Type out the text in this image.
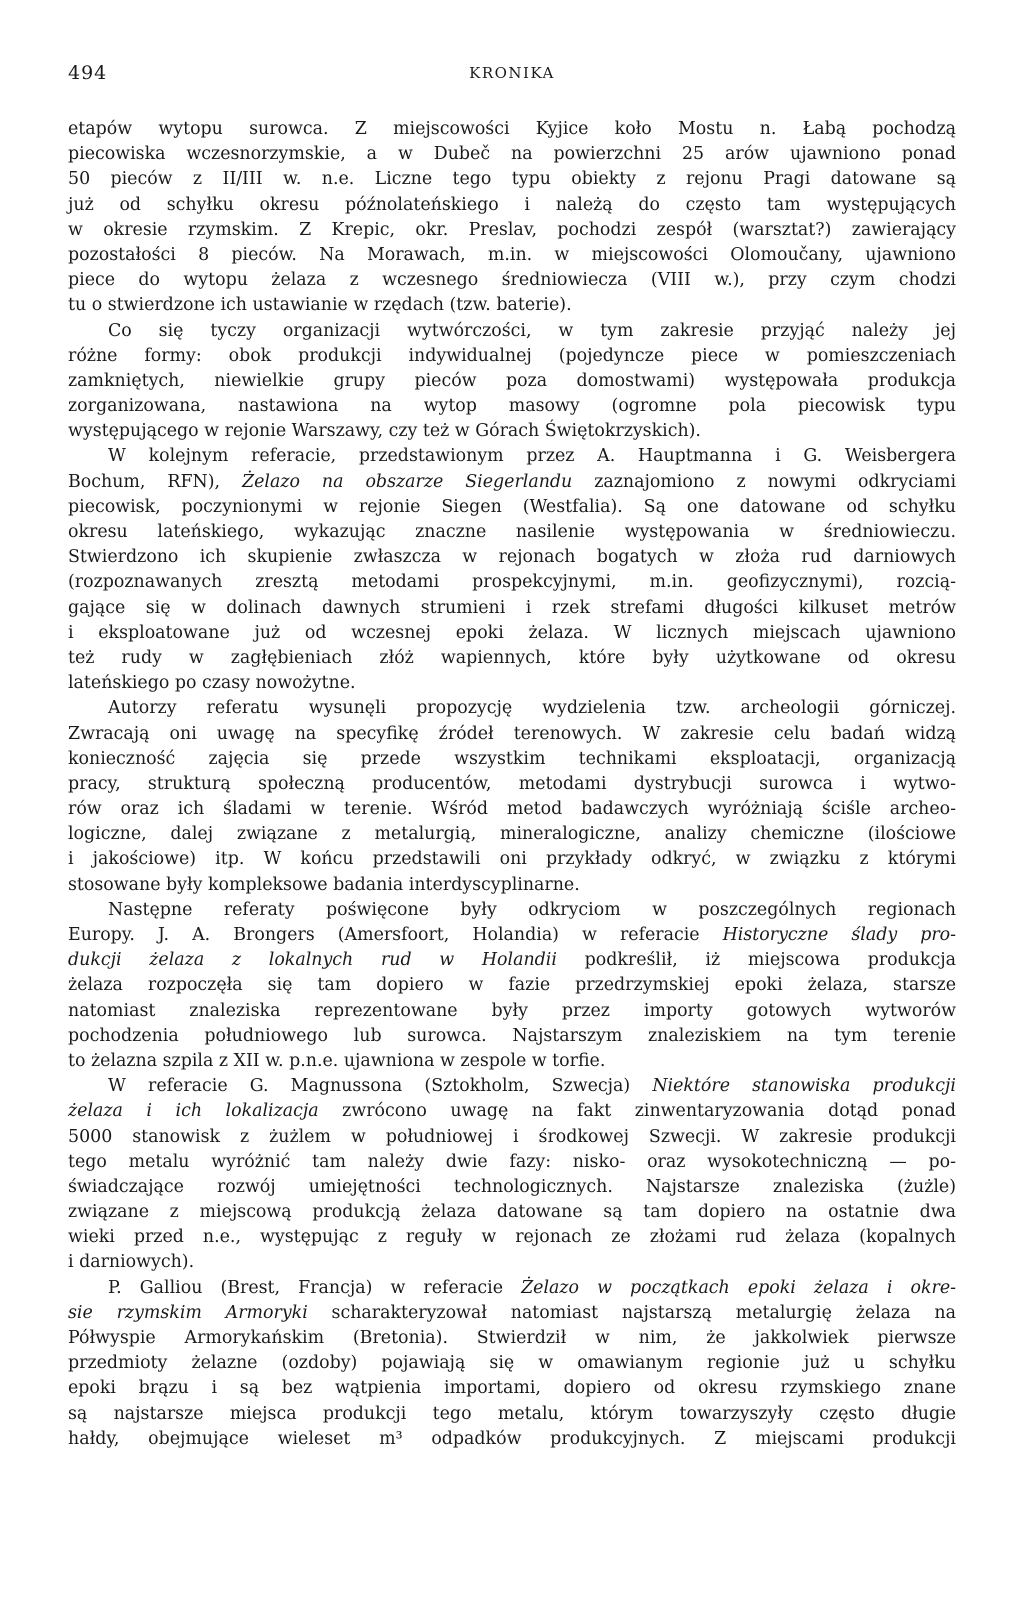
494	KRONIKA
etapów wytopu surowca. Z miejscowości Kyjice koło Mostu n. Łabą pochodzą
piecowiska wczesnorzymskie, a w Dubeč na powierzchni 25 arów ujawniono ponad
50 pieców z II/III w. n.e. Liczne tego typu obiekty z rejonu Pragi datowane są
już od schyłku okresu późnolateńskiego i należą do często tam występujących
w okresie rzymskim. Z Krepic, okr. Preslav, pochodzi zespół (warsztat?) zawierający
pozostałości 8 pieców. Na Morawach, m.in. w miejscowości Olomoučany, ujawniono
piece do wytopu żelaza z wczesnego średniowiecza (VIII w.), przy czym chodzi
tu o stwierdzone ich ustawianie w rzędach (tzw. baterie).
Co się tyczy organizacji wytwórczości, w tym zakresie przyjąć należy jej
różne formy: obok produkcji indywidualnej (pojedyncze piece w pomieszczeniach
zamkniętych, niewielkie grupy pieców poza domostwami) występowała produkcja
zorganizowana, nastawiona na wytop masowy (ogromne pola piecowisk typu
występującego w rejonie Warszawy, czy też w Górach Świętokrzyskich).
W kolejnym referacie, przedstawionym przez A. Hauptmanna i G. Weisbergera
Bochum, RFN), Żelazo na obszarze Siegerlandu zaznajomiono z nowymi odkryciami
piecowisk, poczynionymi w rejonie Siegen (Westfalia). Są one datowane od schyłku
okresu lateńskiego, wykazując znaczne nasilenie występowania w średniowieczu.
Stwierdzono ich skupienie zwłaszcza w rejonach bogatych w złoża rud darniowych
(rozpoznawanych zresztą metodami prospekcyjnymi, m.in. geofizycznymi), rozcią-
gające się w dolinach dawnych strumieni i rzek strefami długości kilkuset metrów
i eksploatowane już od wczesnej epoki żelaza. W licznych miejscach ujawniono
też rudy w zagłębieniach złóż wapiennych, które były użytkowane od okresu
lateńskiego po czasy nowożytne.
Autorzy referatu wysunęli propozycję wydzielenia tzw. archeologii górniczej.
Zwracają oni uwagę na specyfikę źródeł terenowych. W zakresie celu badań widzą
konieczność zajęcia się przede wszystkim technikami eksploatacji, organizacją
pracy, strukturą społeczną producentów, metodami dystrybucji surowca i wytwo-
rów oraz ich śladami w terenie. Wśród metod badawczych wyróżniają ściśle archeo-
logiczne, dalej związane z metalurgią, mineralogiczne, analizy chemiczne (ilościowe
i jakościowe) itp. W końcu przedstawili oni przykłady odkryć, w związku z którymi
stosowane były kompleksowe badania interdyscyplinarne.
Następne referaty poświęcone były odkryciom w poszczególnych regionach
Europy. J. A. Brongers (Amersfoort, Holandia) w referacie Historyczne ślady pro-
dukcji żelaza z lokalnych rud w Holandii podkreślił, iż miejscowa produkcja
żelaza rozpoczęła się tam dopiero w fazie przedrzymskiej epoki żelaza, starsze
natomiast znaleziska reprezentowane były przez importy gotowych wytworów
pochodzenia południowego lub surowca. Najstarszym znaleziskiem na tym terenie
to żelazna szpila z XII w. p.n.e. ujawniona w zespole w torfie.
W referacie G. Magnussona (Sztokholm, Szwecja) Niektóre stanowiska produkcji
żelaza i ich lokalizacja zwrócono uwagę na fakt zinwentaryzowania dotąd ponad
5000 stanowisk z żużlem w południowej i środkowej Szwecji. W zakresie produkcji
tego metalu wyróżnić tam należy dwie fazy: nisko- oraz wysokotechniczną — po-
świadczające rozwój umiejętności technologicznych. Najstarsze znaleziska (żużle)
związane z miejscową produkcją żelaza datowane są tam dopiero na ostatnie dwa
wieki przed n.e., występując z reguły w rejonach ze złożami rud żelaza (kopalnych
i darniowych).
P. Galliou (Brest, Francja) w referacie Żelazo w początkach epoki żelaza i okre-
sie rzymskim Armoryki scharakteryzował natomiast najstarszą metalurgię żelaza na
Półwyspie Armorykańskim (Bretonia). Stwierdził w nim, że jakkolwiek pierwsze
przedmioty żelazne (ozdoby) pojawiają się w omawianym regionie już u schyłku
epoki brązu i są bez wątpienia importami, dopiero od okresu rzymskiego znane
są najstarsze miejsca produkcji tego metalu, którym towarzyszyły często długie
hałdy, obejmujące wieleset m³ odpadków produkcyjnych. Z miejscami produkcji
